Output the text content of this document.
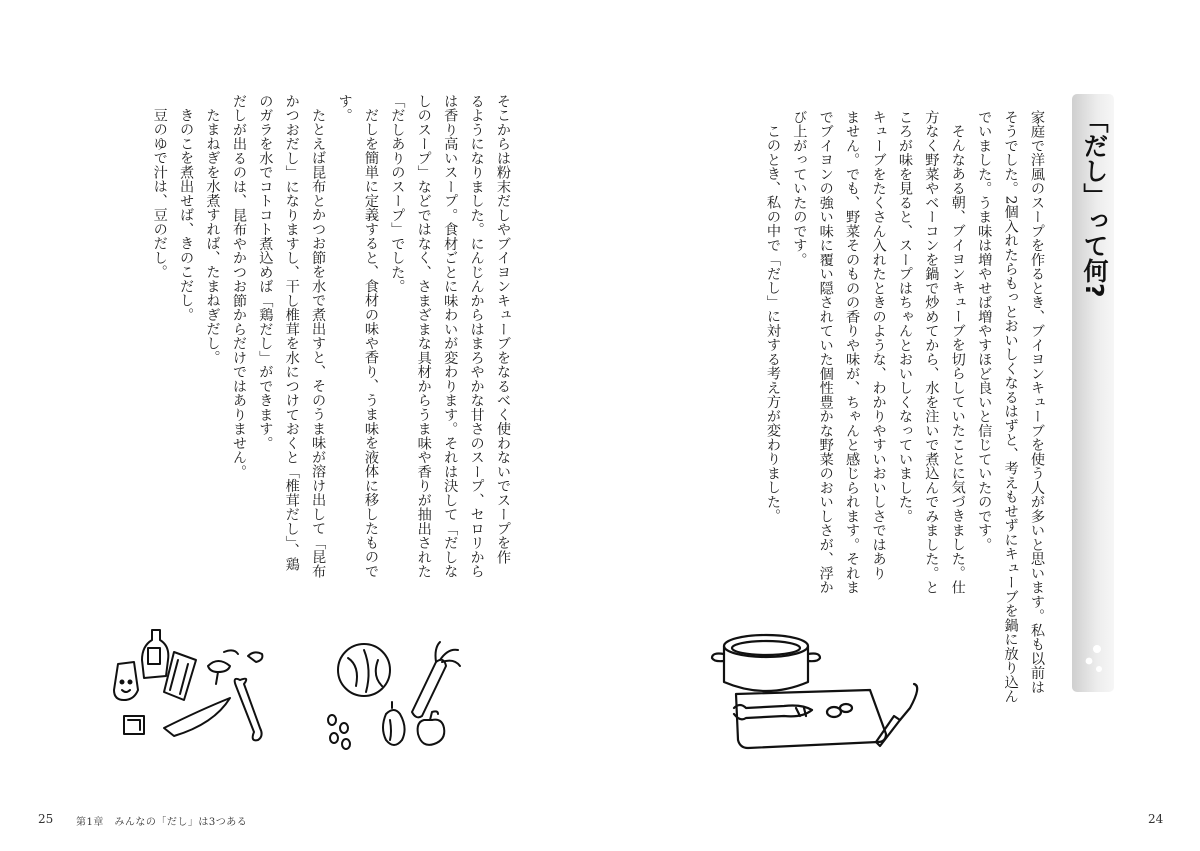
「だし」って何?
家庭で洋風のスープを作るとき、ブイヨンキューブを使う人が多いと思います。私も以前は
そうでした。2個入れたらもっとおいしくなるはずと、考えもせずにキューブを鍋に放り込ん
でいました。うま味は増やせば増やすほど良いと信じていたのです。
そんなある朝、ブイヨンキューブを切らしていたことに気づきました。仕
方なく野菜やベーコンを鍋で炒めてから、水を注いで煮込んでみました。と
ころが味を見ると、スープはちゃんとおいしくなっていました。
キューブをたくさん入れたときのような、わかりやすいおいしさではあり
ません。でも、野菜そのものの香りや味が、ちゃんと感じられます。それま
でブイヨンの強い味に覆い隠されていた個性豊かな野菜のおいしさが、浮か
び上がっていたのです。
このとき、私の中で「だし」に対する考え方が変わりました。
そこからは粉末だしやブイヨンキューブをなるべく使わないでスープを作
るようになりました。にんじんからはまろやかな甘さのスープ、セロリから
は香り高いスープ。食材ごとに味わいが変わります。それは決して「だしな
しのスープ」などではなく、さまざまな具材からうま味や香りが抽出された
「だしありのスープ」でした。
だしを簡単に定義すると、食材の味や香り、うま味を液体に移したもので
す。
たとえば昆布とかつお節を水で煮出すと、そのうま味が溶け出して「昆布
かつおだし」になりますし、干し椎茸を水につけておくと「椎茸だし」、鶏
のガラを水でコトコト煮込めば「鶏だし」ができます。
だしが出るのは、昆布やかつお節からだけではありません。
たまねぎを水煮すれば、たまねぎだし。
きのこを煮出せば、きのこだし。
豆のゆで汁は、豆のだし。
25 第1章　みんなの「だし」は3つある	24
